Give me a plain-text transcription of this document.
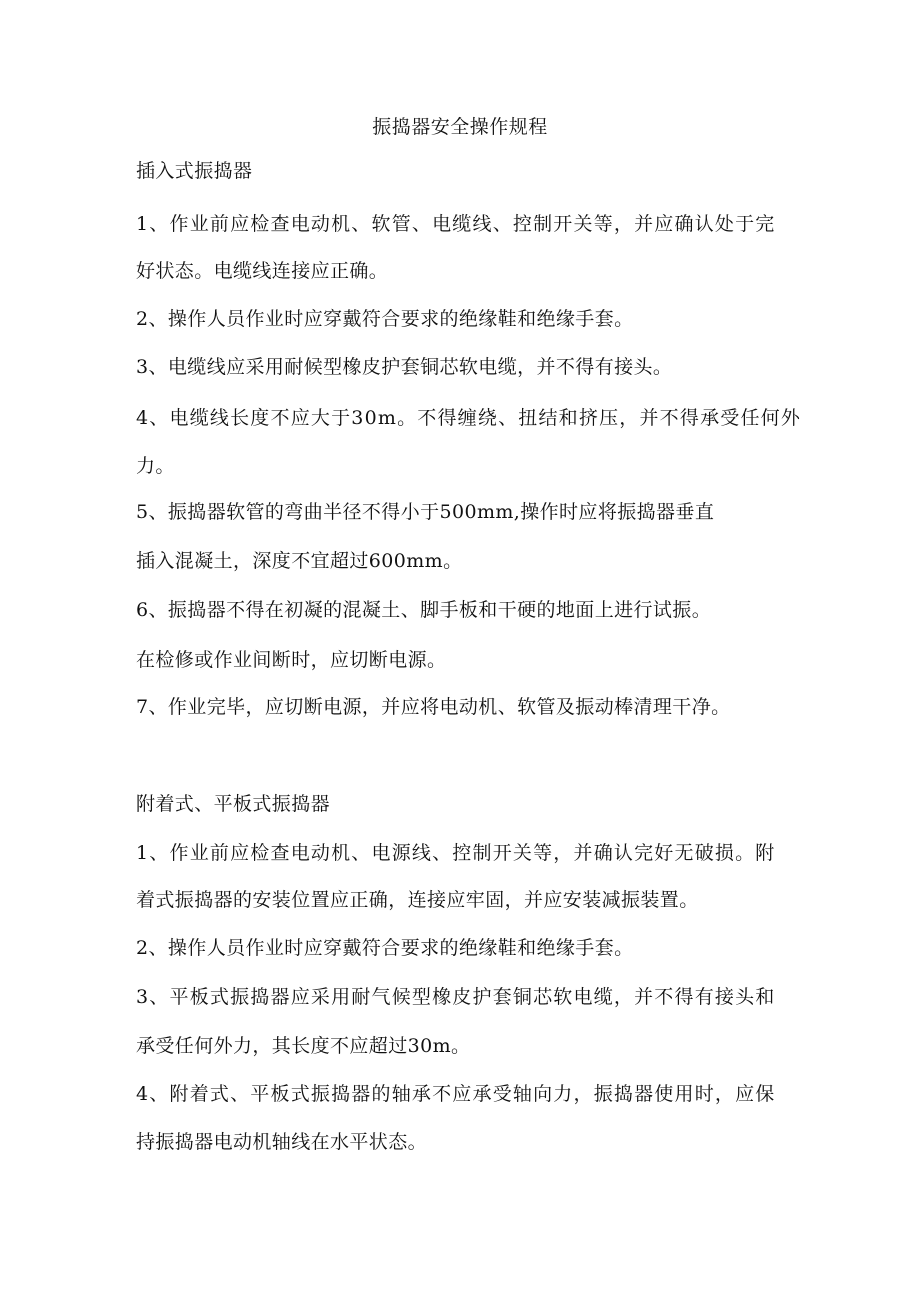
振捣器安全操作规程
插入式振捣器
1、作业前应检查电动机、软管、电缆线、控制开关等，并应确认处于完
好状态。电缆线连接应正确。
2、操作人员作业时应穿戴符合要求的绝缘鞋和绝缘手套。
3、电缆线应采用耐候型橡皮护套铜芯软电缆，并不得有接头。
4、电缆线长度不应大于30m。不得缠绕、扭结和挤压，并不得承受任何外
力。
5、振捣器软管的弯曲半径不得小于500mm,操作时应将振捣器垂直
插入混凝土，深度不宜超过600mm。
6、振捣器不得在初凝的混凝土、脚手板和干硬的地面上进行试振。
在检修或作业间断时，应切断电源。
7、作业完毕，应切断电源，并应将电动机、软管及振动棒清理干净。
附着式、平板式振捣器
1、作业前应检查电动机、电源线、控制开关等，并确认完好无破损。附
着式振捣器的安装位置应正确，连接应牢固，并应安装减振装置。
2、操作人员作业时应穿戴符合要求的绝缘鞋和绝缘手套。
3、平板式振捣器应采用耐气候型橡皮护套铜芯软电缆，并不得有接头和
承受任何外力，其长度不应超过30m。
4、附着式、平板式振捣器的轴承不应承受轴向力，振捣器使用时，应保
持振捣器电动机轴线在水平状态。
